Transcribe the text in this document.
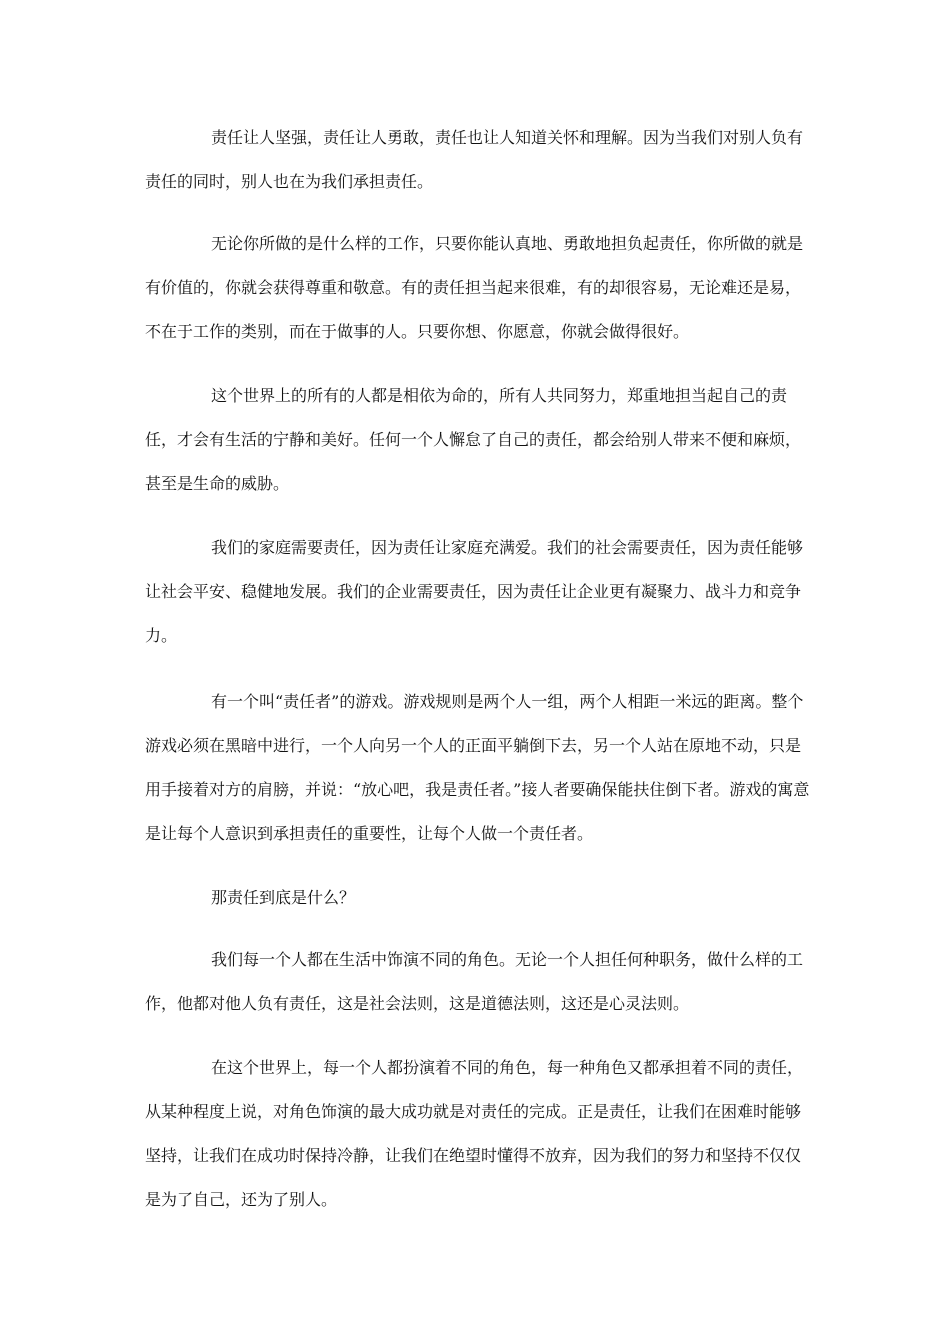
责任让人坚强，责任让人勇敢，责任也让人知道关怀和理解。因为当我们对别人负有责任的同时，别人也在为我们承担责任。

无论你所做的是什么样的工作，只要你能认真地、勇敢地担负起责任，你所做的就是有价值的，你就会获得尊重和敬意。有的责任担当起来很难，有的却很容易，无论难还是易，不在于工作的类别，而在于做事的人。只要你想、你愿意，你就会做得很好。

这个世界上的所有的人都是相依为命的，所有人共同努力，郑重地担当起自己的责任，才会有生活的宁静和美好。任何一个人懈怠了自己的责任，都会给别人带来不便和麻烦，甚至是生命的威胁。

我们的家庭需要责任，因为责任让家庭充满爱。我们的社会需要责任，因为责任能够让社会平安、稳健地发展。我们的企业需要责任，因为责任让企业更有凝聚力、战斗力和竞争力。

有一个叫“责任者”的游戏。游戏规则是两个人一组，两个人相距一米远的距离。整个游戏必须在黑暗中进行，一个人向另一个人的正面平躺倒下去，另一个人站在原地不动，只是用手接着对方的肩膀，并说：“放心吧，我是责任者。”接人者要确保能扶住倒下者。游戏的寓意是让每个人意识到承担责任的重要性，让每个人做一个责任者。

那责任到底是什么？

我们每一个人都在生活中饰演不同的角色。无论一个人担任何种职务，做什么样的工作，他都对他人负有责任，这是社会法则，这是道德法则，这还是心灵法则。

在这个世界上，每一个人都扮演着不同的角色，每一种角色又都承担着不同的责任，从某种程度上说，对角色饰演的最大成功就是对责任的完成。正是责任，让我们在困难时能够坚持，让我们在成功时保持冷静，让我们在绝望时懂得不放弃，因为我们的努力和坚持不仅仅是为了自己，还为了别人。
